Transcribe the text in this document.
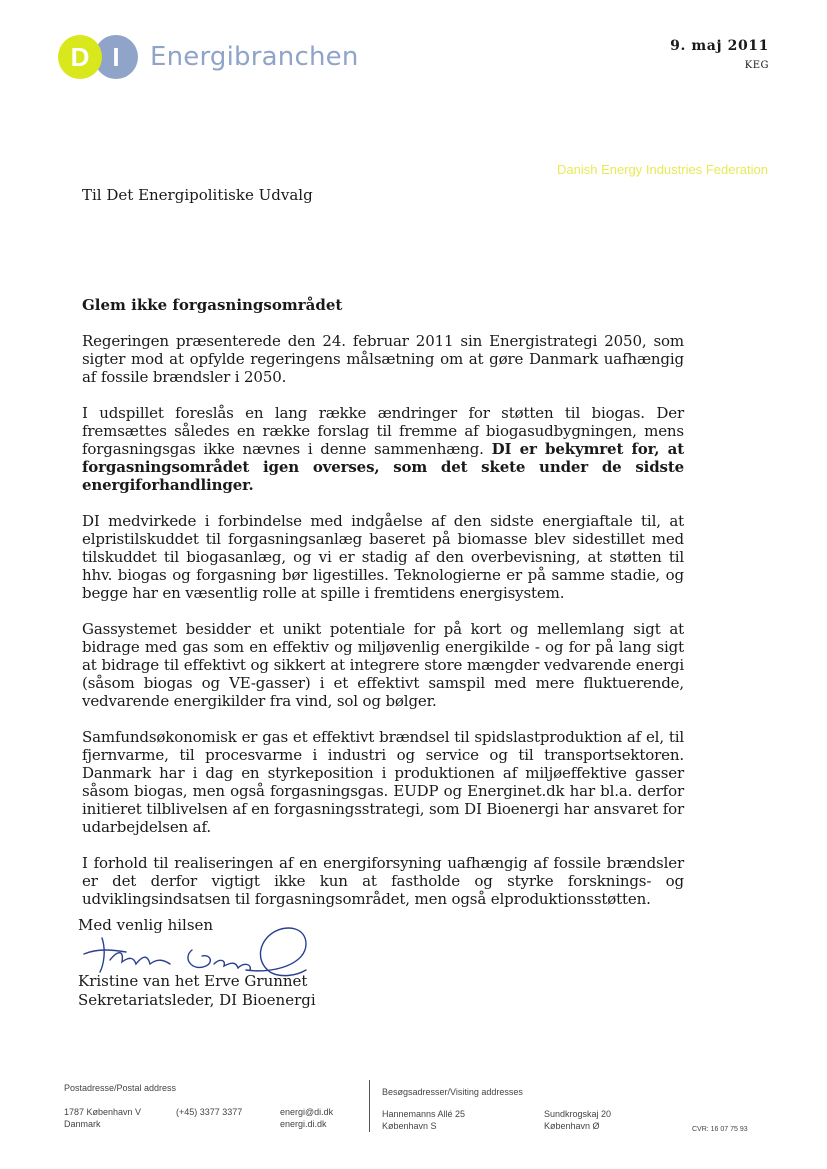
D I	Energibranchen	9. maj 2011
KEG
Danish Energy Industries Federation
Til Det Energipolitiske Udvalg
Glem ikke forgasningsområdet

Regeringen præsenterede den 24. februar 2011 sin Energistrategi 2050, som sigter mod at opfylde regeringens målsætning om at gøre Danmark uafhængig af fossile brændsler i 2050.

I udspillet foreslås en lang række ændringer for støtten til biogas. Der fremsættes således en række forslag til fremme af biogasudbygningen, mens forgasningsgas ikke nævnes i denne sammenhæng. DI er bekymret for, at forgasningsområdet igen overses, som det skete under de sidste energiforhandlinger.

DI medvirkede i forbindelse med indgåelse af den sidste energiaftale til, at elpristilskuddet til forgasningsanlæg baseret på biomasse blev sidestillet med tilskuddet til biogasanlæg, og vi er stadig af den overbevisning, at støtten til hhv. biogas og forgasning bør ligestilles. Teknologierne er på samme stadie, og begge har en væsentlig rolle at spille i fremtidens energisystem.

Gassystemet besidder et unikt potentiale for på kort og mellemlang sigt at bidrage med gas som en effektiv og miljøvenlig energikilde - og for på lang sigt at bidrage til effektivt og sikkert at integrere store mængder vedvarende energi (såsom biogas og VE-gasser) i et effektivt samspil med mere fluktuerende, vedvarende energikilder fra vind, sol og bølger.

Samfundsøkonomisk er gas et effektivt brændsel til spidslastproduktion af el, til fjernvarme, til procesvarme i industri og service og til transportsektoren. Danmark har i dag en styrkeposition i produktionen af miljøeffektive gasser såsom biogas, men også forgasningsgas. EUDP og Energinet.dk har bl.a. derfor initieret tilblivelsen af en forgasningsstrategi, som DI Bioenergi har ansvaret for udarbejdelsen af.

I forhold til realiseringen af en energiforsyning uafhængig af fossile brændsler er det derfor vigtigt ikke kun at fastholde og styrke forsknings- og udviklingsindsatsen til forgasningsområdet, men også elproduktionsstøtten.

Med venlig hilsen
Kristine van het Erve Grunnet
Sekretariatsleder, DI Bioenergi
Postadresse/Postal address
1787 København V
Danmark
(+45) 3377 3377	energi@di.dk
energi.di.dk
Besøgsadresser/Visiting addresses
Hannemanns Allé 25
København S
Sundkrogskaj 20
København Ø	CVR: 16 07 75 93
